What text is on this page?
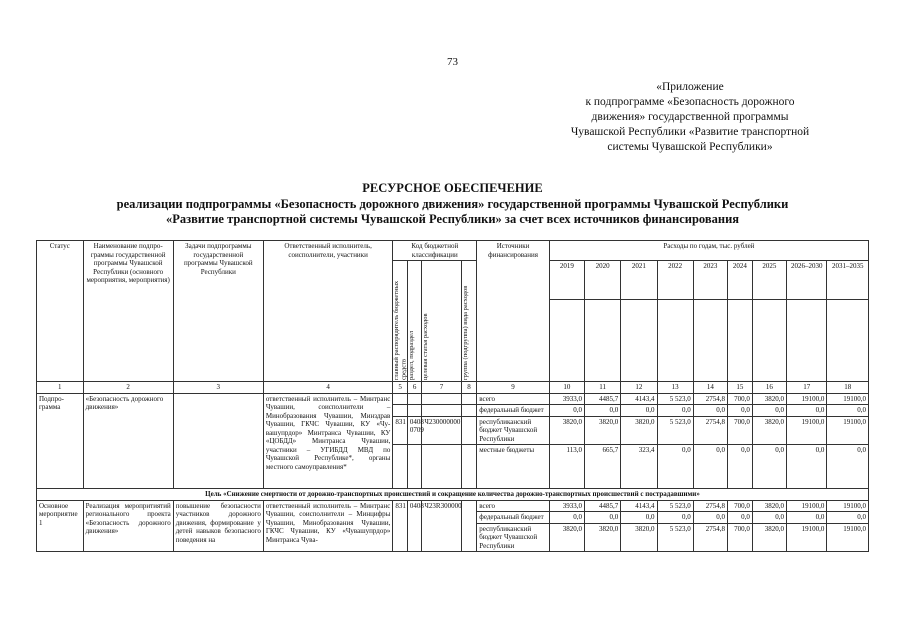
73
«Приложение
к подпрограмме «Безопасность дорожного
движения» государственной программы
Чувашской Республики «Развитие транспортной
системы Чувашской Республики»
РЕСУРСНОЕ ОБЕСПЕЧЕНИЕ
реализации подпрограммы «Безопасность дорожного движения» государственной программы Чувашской Республики
«Развитие транспортной системы Чувашской Республики» за счет всех источников финансирования
Статус	Наименование подпрограммы государственной программы Чувашской Республики (основного мероприятия, мероприятия)	Задачи подпрограммы государственной программы Чувашской Республики	Ответственный исполнитель, соисполнители, участники	Код бюджетной классификации				Источники финансирования	Расходы по годам, тыс. рублей								

				главный распорядитель бюджетных средств	раздел, подраздел	целевая статья расходов	группа (подгруппа) вида расходов		2019	2020	2021	2022	2023	2024	2025	2026–2030	2031–2035

1	2	3	4	5	6	7	8	9	10	11	12	13	14	15	16	17	18
Подпрограмма	«Безопасность дорожного движения»		ответственный исполнитель – Минтранс Чувашии, соисполнители – Минобразования Чувашии, Минздрав Чувашии, ГКЧС Чувашии, КУ «Чувашупрдор» Минтранса Чувашии, КУ «ЦОБДД» Минтранса Чувашии, участники – УГИБДД МВД по Чувашской Республике*, органы местного самоуправления*					всего	3933,0	4485,7	4143,4	5 523,0	2754,8	700,0	3820,0	19100,0	19100,0
								федеральный бюджет	0,0	0,0	0,0	0,0	0,0	0,0	0,0	0,0	0,0
				831	0408 0709	Ч230000000		республиканский бюджет Чувашской Республики	3820,0	3820,0	3820,0	5 523,0	2754,8	700,0	3820,0	19100,0	19100,0
								местные бюджеты	113,0	665,7	323,4	0,0	0,0	0,0	0,0	0,0	0,0
Цель «Снижение смертности от дорожно-транспортных происшествий и сокращение количества дорожно-транспортных происшествий с пострадавшими»																	
Основное мероприятие 1	Реализация меропритиятий регионального проекта «Безопасность дорожного движения»	повышение безопасности участников дорожного движения, формирование у детей навыков безопасного поведения на	ответственный исполнитель – Минтранс Чувашии, соисполнители – Минцифры Чувашии, Минобразования Чувашии, ГКЧС Чувашии, КУ «Чувашупрдор» Минтранса Чува-	831	0408	Ч23R300000		всего	3933,0	4485,7	4143,4	5 523,0	2754,8	700,0	3820,0	19100,0	19100,0
								федеральный бюджет	0,0	0,0	0,0	0,0	0,0	0,0	0,0	0,0	0,0
								республиканский бюджет Чувашской Республики	3820,0	3820,0	3820,0	5 523,0	2754,8	700,0	3820,0	19100,0	19100,0
